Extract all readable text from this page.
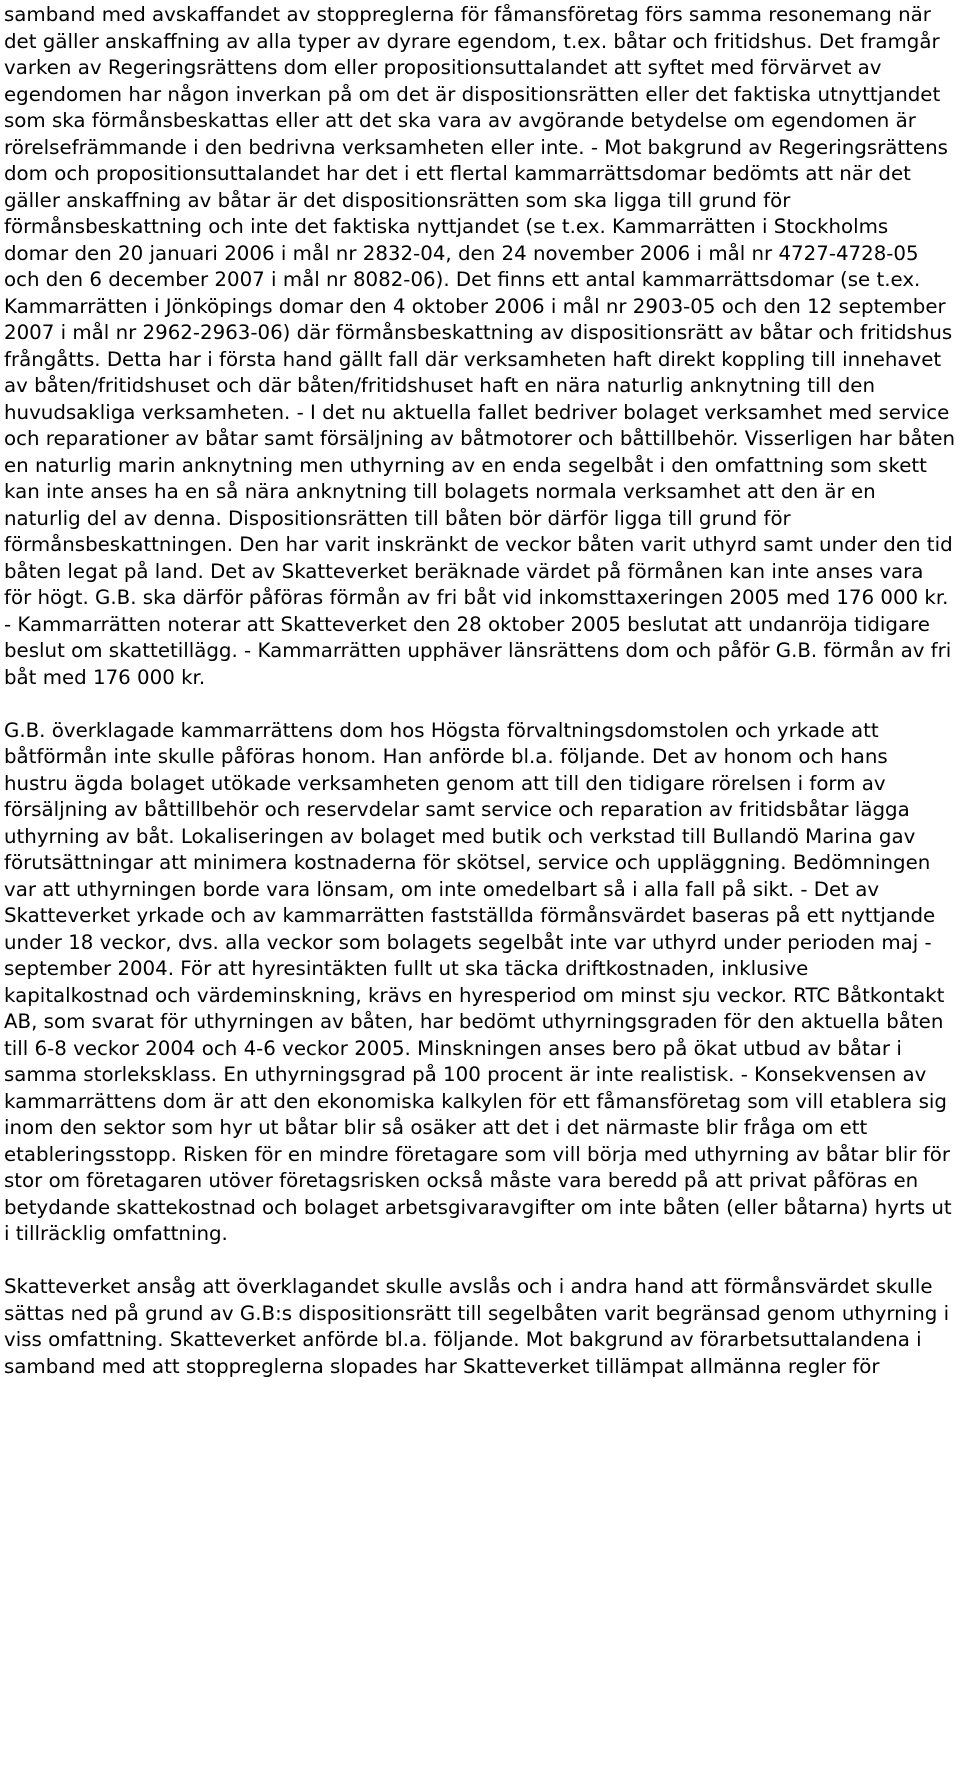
samband med avskaffandet av stoppreglerna för fåmansföretag förs samma resonemang när det gäller anskaffning av alla typer av dyrare egendom, t.ex. båtar och fritidshus. Det framgår varken av Regeringsrättens dom eller propositionsuttalandet att syftet med förvärvet av egendomen har någon inverkan på om det är dispositionsrätten eller det faktiska utnyttjandet som ska förmånsbeskattas eller att det ska vara av avgörande betydelse om egendomen är rörelsefrämmande i den bedrivna verksamheten eller inte. - Mot bakgrund av Regeringsrättens dom och propositionsuttalandet har det i ett flertal kammarrättsdomar bedömts att när det gäller anskaffning av båtar är det dispositionsrätten som ska ligga till grund för förmånsbeskattning och inte det faktiska nyttjandet (se t.ex. Kammarrätten i Stockholms domar den 20 januari 2006 i mål nr 2832-04, den 24 november 2006 i mål nr 4727-4728-05 och den 6 december 2007 i mål nr 8082-06). Det finns ett antal kammarrättsdomar (se t.ex. Kammarrätten i Jönköpings domar den 4 oktober 2006 i mål nr 2903-05 och den 12 september 2007 i mål nr 2962-2963-06) där förmånsbeskattning av dispositionsrätt av båtar och fritidshus frångåtts. Detta har i första hand gällt fall där verksamheten haft direkt koppling till innehavet av båten/fritidshuset och där båten/fritidshuset haft en nära naturlig anknytning till den huvudsakliga verksamheten. - I det nu aktuella fallet bedriver bolaget verksamhet med service och reparationer av båtar samt försäljning av båtmotorer och båttillbehör. Visserligen har båten en naturlig marin anknytning men uthyrning av en enda segelbåt i den omfattning som skett kan inte anses ha en så nära anknytning till bolagets normala verksamhet att den är en naturlig del av denna. Dispositionsrätten till båten bör därför ligga till grund för förmånsbeskattningen. Den har varit inskränkt de veckor båten varit uthyrd samt under den tid båten legat på land. Det av Skatteverket beräknade värdet på förmånen kan inte anses vara för högt. G.B. ska därför påföras förmån av fri båt vid inkomsttaxeringen 2005 med 176 000 kr. - Kammarrätten noterar att Skatteverket den 28 oktober 2005 beslutat att undanröja tidigare beslut om skattetillägg. - Kammarrätten upphäver länsrättens dom och påför G.B. förmån av fri båt med 176 000 kr.

G.B. överklagade kammarrättens dom hos Högsta förvaltningsdomstolen och yrkade att båtförmån inte skulle påföras honom. Han anförde bl.a. följande. Det av honom och hans hustru ägda bolaget utökade verksamheten genom att till den tidigare rörelsen i form av försäljning av båttillbehör och reservdelar samt service och reparation av fritidsbåtar lägga uthyrning av båt. Lokaliseringen av bolaget med butik och verkstad till Bullandö Marina gav förutsättningar att minimera kostnaderna för skötsel, service och uppläggning. Bedömningen var att uthyrningen borde vara lönsam, om inte omedelbart så i alla fall på sikt. - Det av Skatteverket yrkade och av kammarrätten fastställda förmånsvärdet baseras på ett nyttjande under 18 veckor, dvs. alla veckor som bolagets segelbåt inte var uthyrd under perioden maj - september 2004. För att hyresintäkten fullt ut ska täcka driftkostnaden, inklusive kapitalkostnad och värdeminskning, krävs en hyresperiod om minst sju veckor. RTC Båtkontakt AB, som svarat för uthyrningen av båten, har bedömt uthyrningsgraden för den aktuella båten till 6-8 veckor 2004 och 4-6 veckor 2005. Minskningen anses bero på ökat utbud av båtar i samma storleksklass. En uthyrningsgrad på 100 procent är inte realistisk. - Konsekvensen av kammarrättens dom är att den ekonomiska kalkylen för ett fåmansföretag som vill etablera sig inom den sektor som hyr ut båtar blir så osäker att det i det närmaste blir fråga om ett etableringsstopp. Risken för en mindre företagare som vill börja med uthyrning av båtar blir för stor om företagaren utöver företagsrisken också måste vara beredd på att privat påföras en betydande skattekostnad och bolaget arbetsgivaravgifter om inte båten (eller båtarna) hyrts ut i tillräcklig omfattning.

Skatteverket ansåg att överklagandet skulle avslås och i andra hand att förmånsvärdet skulle sättas ned på grund av G.B:s dispositionsrätt till segelbåten varit begränsad genom uthyrning i viss omfattning. Skatteverket anförde bl.a. följande. Mot bakgrund av förarbetsuttalandena i samband med att stoppreglerna slopades har Skatteverket tillämpat allmänna regler för
